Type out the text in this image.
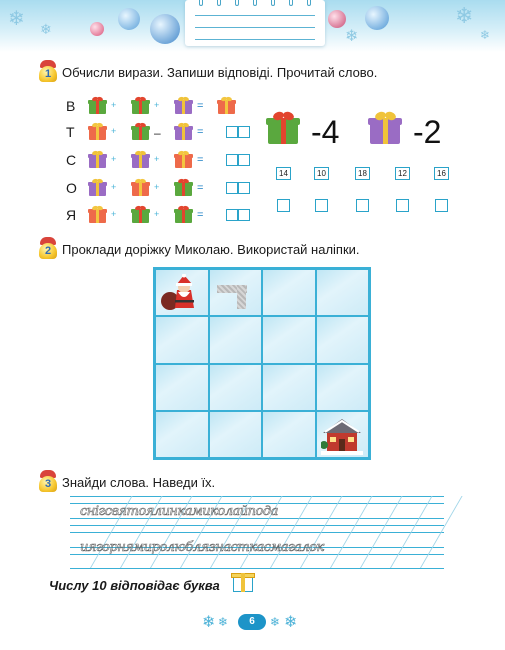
❄ ❄
❄
❄
❄
1 Обчисли вирази. Запиши відповіді. Прочитай слово.
В	+	+	=
Т	+	–	=
С	+	+	=
О	+	+	=
Я	+	+	=
-4 -2
14	10	18	12	16
2 Проклади доріжку Миколаю. Використай наліпки.
3 Знайди слова. Наведи їх.
снігсвятоялинкамиколайпода
иягорнямиролюблязнасткасмагалок
Числу 10 відповідає буква
❄ ❄	6	❄ ❄
